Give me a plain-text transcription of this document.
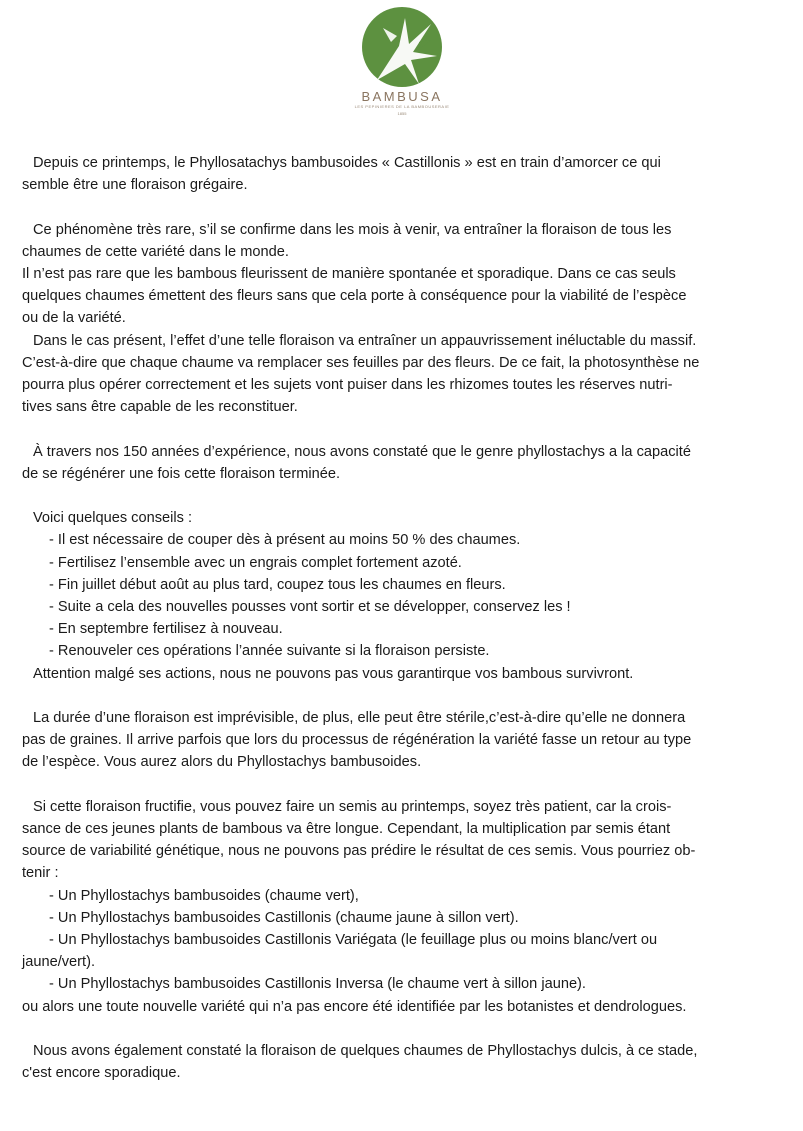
BAMBUSA
LES PEPINIERES DE LA BAMBOUSERAIE
1855

Depuis ce printemps, le Phyllosatachys bambusoides « Castillonis » est en train d’amorcer ce qui

semble être une floraison grégaire.

Ce phénomène très rare, s’il se confirme dans les mois à venir, va entraîner la floraison de tous les

chaumes de cette variété dans le monde.

Il n’est pas rare que les bambous fleurissent de manière spontanée et sporadique. Dans ce cas seuls

quelques chaumes émettent des fleurs sans que cela porte à conséquence pour la viabilité de l’espèce

ou de la variété.

Dans le cas présent, l’effet d’une telle floraison va entraîner un appauvrissement inéluctable du massif.

C’est-à-dire que chaque chaume va remplacer ses feuilles par des fleurs. De ce fait, la photosynthèse ne

pourra plus opérer correctement et les sujets vont puiser dans les rhizomes toutes les réserves nutri-

tives sans être capable de les reconstituer.

À travers nos 150 années d’expérience, nous avons constaté que le genre phyllostachys a la capacité

de se régénérer une fois cette floraison terminée.

Voici quelques conseils :

- Il est nécessaire de couper dès à présent au moins 50 % des chaumes.

- Fertilisez l’ensemble avec un engrais complet fortement azoté.

- Fin juillet début août au plus tard, coupez tous les chaumes en fleurs.

- Suite a cela des nouvelles pousses vont sortir et se développer, conservez les !

- En septembre fertilisez à nouveau.

- Renouveler ces opérations l’année suivante si la floraison persiste.

Attention malgé ses actions, nous ne pouvons pas vous garantirque vos bambous survivront.

La durée d’une floraison est imprévisible, de plus, elle peut être stérile,c’est-à-dire qu’elle ne donnera

pas de graines. Il arrive parfois que lors du processus de régénération la variété fasse un retour au type

de l’espèce. Vous aurez alors du Phyllostachys bambusoides.

Si cette floraison fructifie, vous pouvez faire un semis au printemps, soyez très patient, car la crois-

sance de ces jeunes plants de bambous va être longue. Cependant, la multiplication par semis étant

source de variabilité génétique, nous ne pouvons pas prédire le résultat de ces semis. Vous pourriez ob-

tenir :

- Un Phyllostachys bambusoides (chaume vert),

- Un Phyllostachys bambusoides Castillonis (chaume jaune à sillon vert).

- Un Phyllostachys bambusoides Castillonis Variégata (le feuillage plus ou moins blanc/vert ou

jaune/vert).

- Un Phyllostachys bambusoides Castillonis Inversa (le chaume vert à sillon jaune).

ou alors une toute nouvelle variété qui n’a pas encore été identifiée par les botanistes et dendrologues.

Nous avons également constaté la floraison de quelques chaumes de Phyllostachys dulcis, à ce stade,

c'est encore sporadique.
